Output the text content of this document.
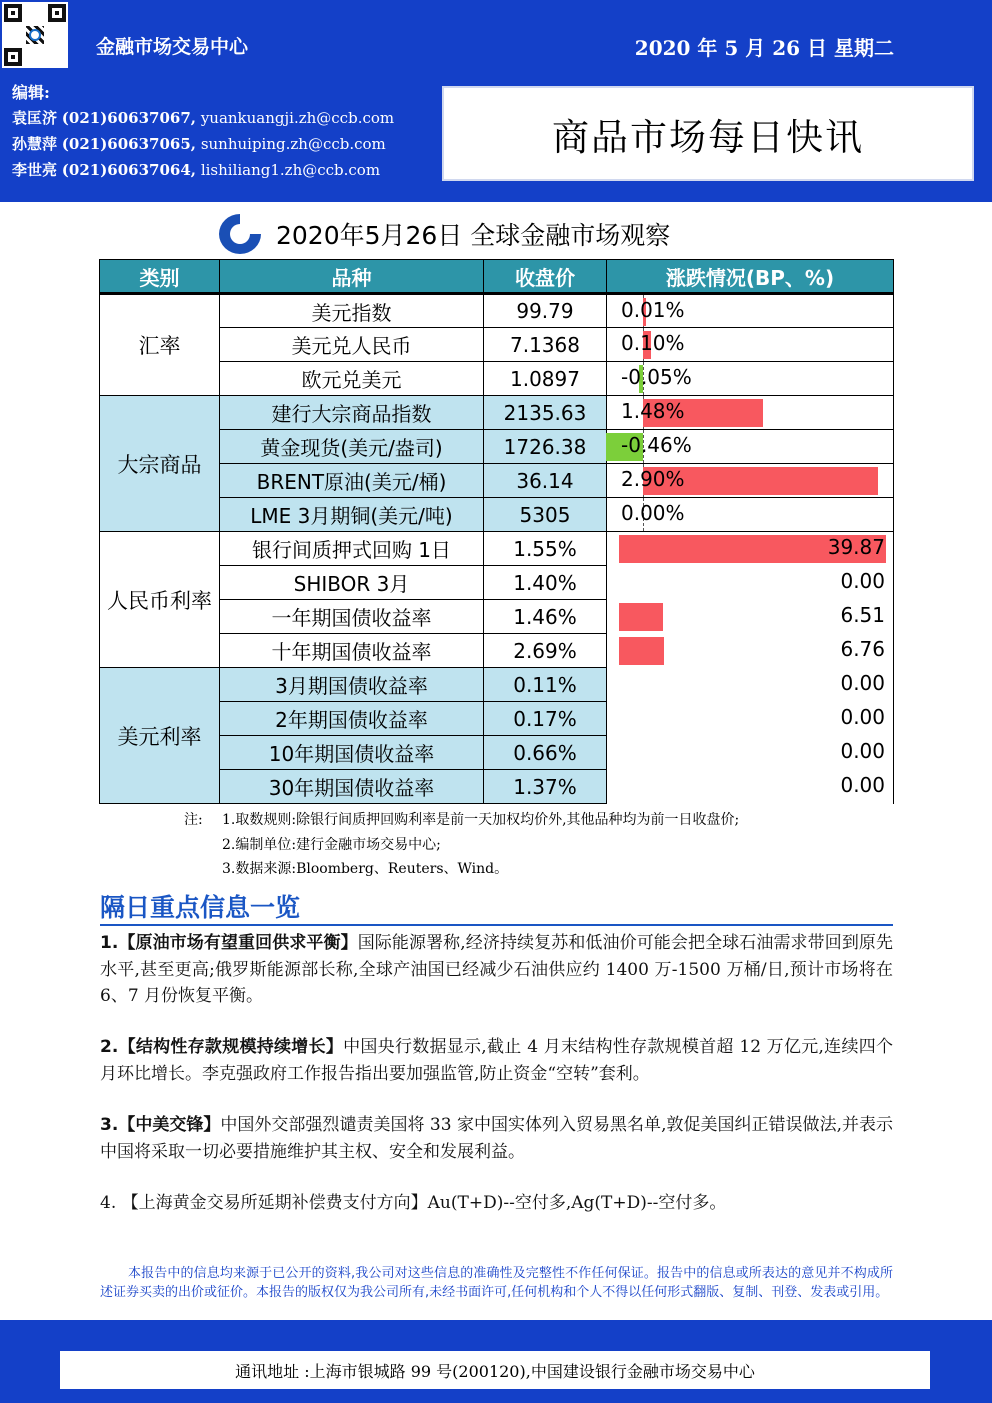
金融市场交易中心	2020 年 5 月 26 日 星期二
编辑:
袁匡济 (021)60637067, yuankuangji.zh@ccb.com
孙慧萍 (021)60637065, sunhuiping.zh@ccb.com
李世亮 (021)60637064, lishiliang1.zh@ccb.com
商品市场每日快讯
2020年5月26日 全球金融市场观察
类别	品种	收盘价	涨跌情况(BP、%)
汇率	美元指数	99.79	0.01%

	美元兑人民币	7.1368	0.10%

	欧元兑美元	1.0897	-0.05%

大宗商品	建行大宗商品指数	2135.63	1.48%

	黄金现货(美元/盎司)	1726.38	-0.46%

	BRENT原油(美元/桶)	36.14	2.90%

	LME 3月期铜(美元/吨)	5305	0.00%

人民币利率	银行间质押式回购 1日	1.55%	39.87

	SHIBOR 3月	1.40%	0.00

	一年期国债收益率	1.46%	6.51

	十年期国债收益率	2.69%	6.76

美元利率	3月期国债收益率	0.11%	0.00

	2年期国债收益率	0.17%	0.00

	10年期国债收益率	0.66%	0.00

	30年期国债收益率	1.37%	0.00
注:	1.取数规则:除银行间质押回购利率是前一天加权均价外,其他品种均为前一日收盘价;
2.编制单位:建行金融市场交易中心;
3.数据来源:Bloomberg、Reuters、Wind。
隔日重点信息一览
1.【原油市场有望重回供求平衡】国际能源署称,经济持续复苏和低油价可能会把全球石油需求带回到原先水平,甚至更高;俄罗斯能源部长称,全球产油国已经减少石油供应约 1400 万-1500 万桶/日,预计市场将在 6、7 月份恢复平衡。
2.【结构性存款规模持续增长】中国央行数据显示,截止 4 月末结构性存款规模首超 12 万亿元,连续四个月环比增长。李克强政府工作报告指出要加强监管,防止资金“空转”套利。
3.【中美交锋】中国外交部强烈谴责美国将 33 家中国实体列入贸易黑名单,敦促美国纠正错误做法,并表示中国将采取一切必要措施维护其主权、安全和发展利益。
4. 【上海黄金交易所延期补偿费支付方向】Au(T+D)--空付多,Ag(T+D)--空付多。
本报告中的信息均来源于已公开的资料,我公司对这些信息的准确性及完整性不作任何保证。报告中的信息或所表达的意见并不构成所述证券买卖的出价或征价。本报告的版权仅为我公司所有,未经书面许可,任何机构和个人不得以任何形式翻版、复制、刊登、发表或引用。
通讯地址 :上海市银城路 99 号(200120),中国建设银行金融市场交易中心
